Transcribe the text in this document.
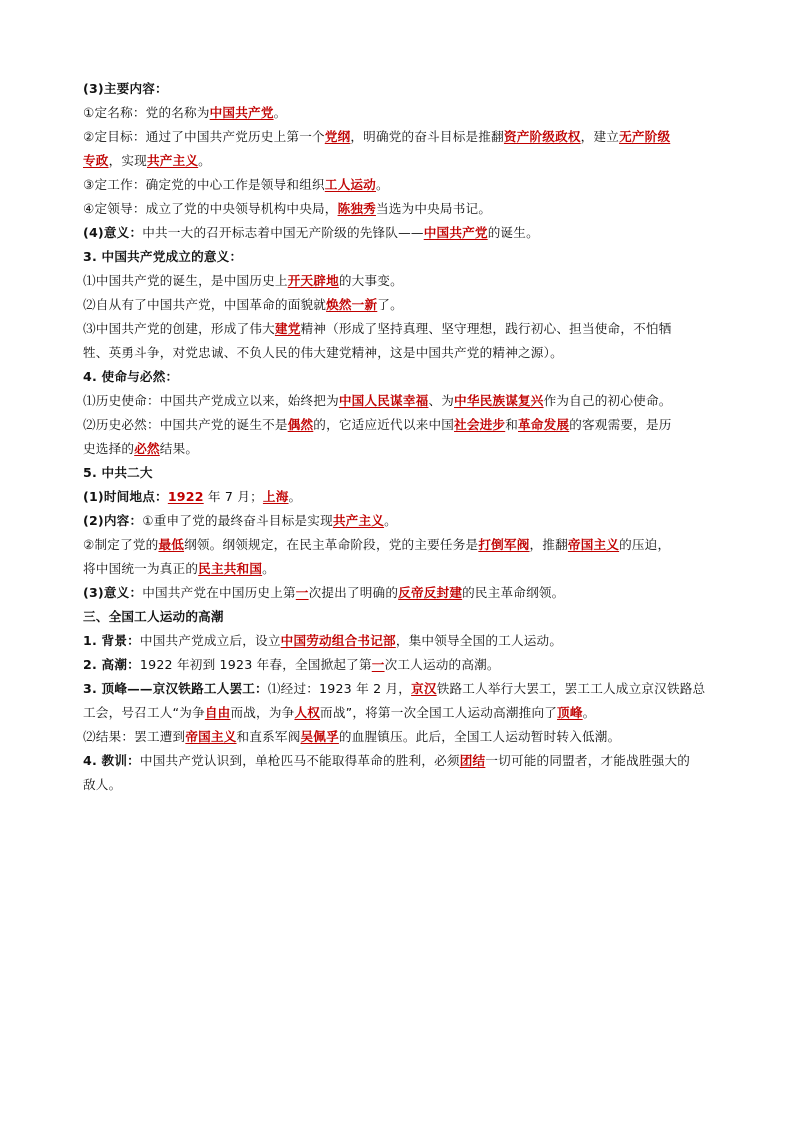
(3)主要内容：
①定名称：党的名称为中国共产党。
②定目标：通过了中国共产党历史上第一个党纲，明确党的奋斗目标是推翻资产阶级政权，建立无产阶级
专政，实现共产主义。
③定工作：确定党的中心工作是领导和组织工人运动。
④定领导：成立了党的中央领导机构中央局，陈独秀当选为中央局书记。
(4)意义：中共一大的召开标志着中国无产阶级的先锋队——中国共产党的诞生。
3. 中国共产党成立的意义：
⑴中国共产党的诞生，是中国历史上开天辟地的大事变。
⑵自从有了中国共产党，中国革命的面貌就焕然一新了。
⑶中国共产党的创建，形成了伟大建党精神（形成了坚持真理、坚守理想，践行初心、担当使命，不怕牺
牲、英勇斗争，对党忠诚、不负人民的伟大建党精神，这是中国共产党的精神之源）。
4. 使命与必然：
⑴历史使命：中国共产党成立以来，始终把为中国人民谋幸福、为中华民族谋复兴作为自己的初心使命。
⑵历史必然：中国共产党的诞生不是偶然的，它适应近代以来中国社会进步和革命发展的客观需要，是历
史选择的必然结果。
5. 中共二大
(1)时间地点：1922 年 7 月；上海。
(2)内容：①重申了党的最终奋斗目标是实现共产主义。
②制定了党的最低纲领。纲领规定，在民主革命阶段，党的主要任务是打倒军阀，推翻帝国主义的压迫，
将中国统一为真正的民主共和国。
(3)意义：中国共产党在中国历史上第一次提出了明确的反帝反封建的民主革命纲领。
三、全国工人运动的高潮
1. 背景：中国共产党成立后，设立中国劳动组合书记部，集中领导全国的工人运动。
2. 高潮：1922 年初到 1923 年春，全国掀起了第一次工人运动的高潮。
3. 顶峰——京汉铁路工人罢工：⑴经过：1923 年 2 月，京汉铁路工人举行大罢工，罢工工人成立京汉铁路总
工会，号召工人“为争自由而战，为争人权而战”，将第一次全国工人运动高潮推向了顶峰。
⑵结果：罢工遭到帝国主义和直系军阀吴佩孚的血腥镇压。此后，全国工人运动暂时转入低潮。
4. 教训：中国共产党认识到，单枪匹马不能取得革命的胜利，必须团结一切可能的同盟者，才能战胜强大的
敌人。
